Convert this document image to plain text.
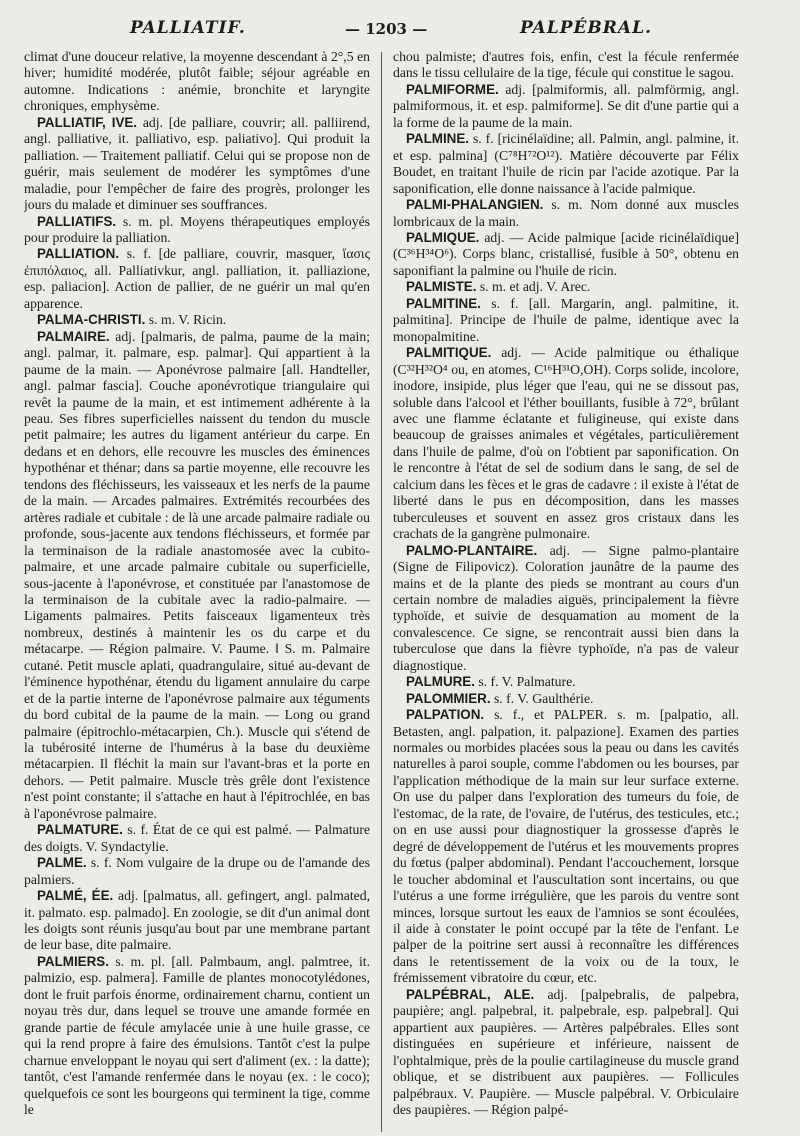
PALLIATIF.	— 1203 —	PALPÉBRAL.

climat d'une douceur relative, la moyenne descendant à 2°,5 en hiver; humidité modérée, plutôt faible; séjour agréable en automne. Indications : anémie, bronchite et laryngite chroniques, emphysème.

PALLIATIF, IVE. adj. [de palliare, couvrir; all. palliirend, angl. palliative, it. palliativo, esp. paliativo]. Qui produit la palliation. — Traitement palliatif. Celui qui se propose non de guérir, mais seulement de modérer les symptômes d'une maladie, pour l'empêcher de faire des progrès, prolonger les jours du malade et diminuer ses souffrances.

PALLIATIFS. s. m. pl. Moyens thérapeutiques employés pour produire la palliation.

PALLIATION. s. f. [de palliare, couvrir, masquer, ἴασις ἐπιπόλαιος, all. Palliativkur, angl. palliation, it. palliazione, esp. paliacion]. Action de pallier, de ne guérir un mal qu'en apparence.

PALMA-CHRISTI. s. m. V. Ricin.

PALMAIRE. adj. [palmaris, de palma, paume de la main; angl. palmar, it. palmare, esp. palmar]. Qui appartient à la paume de la main. — Aponévrose palmaire [all. Handteller, angl. palmar fascia]. Couche aponévrotique triangulaire qui revêt la paume de la main, et est intimement adhérente à la peau. Ses fibres superficielles naissent du tendon du muscle petit palmaire; les autres du ligament antérieur du carpe. En dedans et en dehors, elle recouvre les muscles des éminences hypothénar et thénar; dans sa partie moyenne, elle recouvre les tendons des fléchisseurs, les vaisseaux et les nerfs de la paume de la main. — Arcades palmaires. Extrémités recourbées des artères radiale et cubitale : de là une arcade palmaire radiale ou profonde, sous-jacente aux tendons fléchisseurs, et formée par la terminaison de la radiale anastomosée avec la cubito-palmaire, et une arcade palmaire cubitale ou superficielle, sous-jacente à l'aponévrose, et constituée par l'anastomose de la terminaison de la cubitale avec la radio-palmaire. — Ligaments palmaires. Petits faisceaux ligamenteux très nombreux, destinés à maintenir les os du carpe et du métacarpe. — Région palmaire. V. Paume. ‖ S. m. Palmaire cutané. Petit muscle aplati, quadrangulaire, situé au-devant de l'éminence hypothénar, étendu du ligament annulaire du carpe et de la partie interne de l'aponévrose palmaire aux téguments du bord cubital de la paume de la main. — Long ou grand palmaire (épitrochlo-métacarpien, Ch.). Muscle qui s'étend de la tubérosité interne de l'humérus à la base du deuxième métacarpien. Il fléchit la main sur l'avant-bras et la porte en dehors. — Petit palmaire. Muscle très grêle dont l'existence n'est point constante; il s'attache en haut à l'épitrochlée, en bas à l'aponévrose palmaire.

PALMATURE. s. f. État de ce qui est palmé. — Palmature des doigts. V. Syndactylie.

PALME. s. f. Nom vulgaire de la drupe ou de l'amande des palmiers.

PALMÉ, ÉE. adj. [palmatus, all. gefingert, angl. palmated, it. palmato. esp. palmado]. En zoologie, se dit d'un animal dont les doigts sont réunis jusqu'au bout par une membrane partant de leur base, dite palmaire.

PALMIERS. s. m. pl. [all. Palmbaum, angl. palmtree, it. palmizio, esp. palmera]. Famille de plantes monocotylédones, dont le fruit parfois énorme, ordinairement charnu, contient un noyau très dur, dans lequel se trouve une amande formée en grande partie de fécule amylacée unie à une huile grasse, ce qui la rend propre à faire des émulsions. Tantôt c'est la pulpe charnue enveloppant le noyau qui sert d'aliment (ex. : la datte); tantôt, c'est l'amande renfermée dans le noyau (ex. : le coco); quelquefois ce sont les bourgeons qui terminent la tige, comme le

chou palmiste; d'autres fois, enfin, c'est la fécule renfermée dans le tissu cellulaire de la tige, fécule qui constitue le sagou.

PALMIFORME. adj. [palmiformis, all. palmförmig, angl. palmiformous, it. et esp. palmiforme]. Se dit d'une partie qui a la forme de la paume de la main.

PALMINE. s. f. [ricinélaïdine; all. Palmin, angl. palmine, it. et esp. palmina] (C⁷⁸H⁷²O¹²). Matière découverte par Félix Boudet, en traitant l'huile de ricin par l'acide azotique. Par la saponification, elle donne naissance à l'acide palmique.

PALMI-PHALANGIEN. s. m. Nom donné aux muscles lombricaux de la main.

PALMIQUE. adj. — Acide palmique [acide ricinélaïdique] (C³⁶H³⁴O⁶). Corps blanc, cristallisé, fusible à 50°, obtenu en saponifiant la palmine ou l'huile de ricin.

PALMISTE. s. m. et adj. V. Arec.

PALMITINE. s. f. [all. Margarin, angl. palmitine, it. palmitina]. Principe de l'huile de palme, identique avec la monopalmitine.

PALMITIQUE. adj. — Acide palmitique ou éthalique (C³²H³²O⁴ ou, en atomes, C¹⁶H³¹O,OH). Corps solide, incolore, inodore, insipide, plus léger que l'eau, qui ne se dissout pas, soluble dans l'alcool et l'éther bouillants, fusible à 72°, brûlant avec une flamme éclatante et fuligineuse, qui existe dans beaucoup de graisses animales et végétales, particulièrement dans l'huile de palme, d'où on l'obtient par saponification. On le rencontre à l'état de sel de sodium dans le sang, de sel de calcium dans les fèces et le gras de cadavre : il existe à l'état de liberté dans le pus en décomposition, dans les masses tuberculeuses et souvent en assez gros cristaux dans les crachats de la gangrène pulmonaire.

PALMO-PLANTAIRE. adj. — Signe palmo-plantaire (Signe de Filipovicz). Coloration jaunâtre de la paume des mains et de la plante des pieds se montrant au cours d'un certain nombre de maladies aiguës, principalement la fièvre typhoïde, et suivie de desquamation au moment de la convalescence. Ce signe, se rencontrait aussi bien dans la tuberculose que dans la fièvre typhoïde, n'a pas de valeur diagnostique.

PALMURE. s. f. V. Palmature.

PALOMMIER. s. f. V. Gaulthérie.

PALPATION. s. f., et PALPER. s. m. [palpatio, all. Betasten, angl. palpation, it. palpazione]. Examen des parties normales ou morbides placées sous la peau ou dans les cavités naturelles à paroi souple, comme l'abdomen ou les bourses, par l'application méthodique de la main sur leur surface externe. On use du palper dans l'exploration des tumeurs du foie, de l'estomac, de la rate, de l'ovaire, de l'utérus, des testicules, etc.; on en use aussi pour diagnostiquer la grossesse d'après le degré de développement de l'utérus et les mouvements propres du fœtus (palper abdominal). Pendant l'accouchement, lorsque le toucher abdominal et l'auscultation sont incertains, ou que l'utérus a une forme irrégulière, que les parois du ventre sont minces, lorsque surtout les eaux de l'amnios se sont écoulées, il aide à constater le point occupé par la tête de l'enfant. Le palper de la poitrine sert aussi à reconnaître les différences dans le retentissement de la voix ou de la toux, le frémissement vibratoire du cœur, etc.

PALPÉBRAL, ALE. adj. [palpebralis, de palpebra, paupière; angl. palpebral, it. palpebrale, esp. palpebral]. Qui appartient aux paupières. — Artères palpébrales. Elles sont distinguées en supérieure et inférieure, naissent de l'ophtalmique, près de la poulie cartilagineuse du muscle grand oblique, et se distribuent aux paupières. — Follicules palpébraux. V. Paupière. — Muscle palpébral. V. Orbiculaire des paupières. — Région palpé-
